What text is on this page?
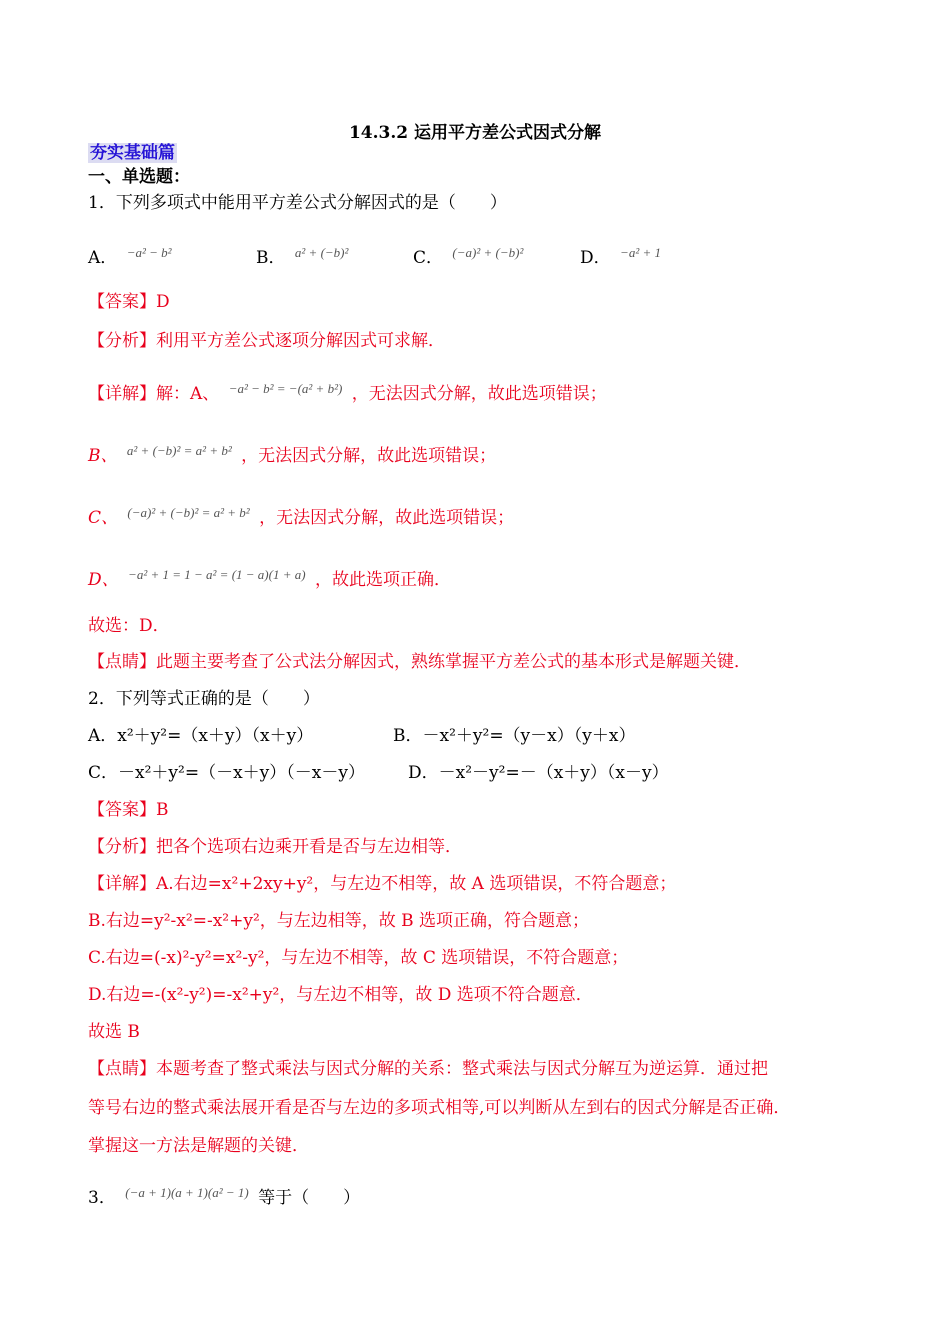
14.3.2 运用平方差公式因式分解
夯实基础篇
一、单选题：
1．下列多项式中能用平方差公式分解因式的是（　　）
A． −a² − b²	B． a² + (−b)²	C． (−a)² + (−b)²	D． −a² + 1
【答案】D
【分析】利用平方差公式逐项分解因式可求解．
【详解】解：A、 −a² − b² = −(a² + b²) ，无法因式分解，故此选项错误；
B、 a² + (−b)² = a² + b² ，无法因式分解，故此选项错误；
C、 (−a)² + (−b)² = a² + b² ，无法因式分解，故此选项错误；
D、 −a² + 1 = 1 − a² = (1 − a)(1 + a) ，故此选项正确．
故选：D．
【点睛】此题主要考查了公式法分解因式，熟练掌握平方差公式的基本形式是解题关键．
2．下列等式正确的是（　　）
A．x²＋y²=（x＋y）（x＋y）	B．－x²＋y²=（y－x）（y＋x）
C．－x²＋y²=（－x＋y）（－x－y）	D．－x²－y²=－（x＋y）（x－y）
【答案】B
【分析】把各个选项右边乘开看是否与左边相等．
【详解】A.右边=x²+2xy+y²，与左边不相等，故 A 选项错误，不符合题意；
B.右边=y²-x²=-x²+y²，与左边相等，故 B 选项正确，符合题意；
C.右边=(-x)²-y²=x²-y²，与左边不相等，故 C 选项错误，不符合题意；
D.右边=-(x²-y²)=-x²+y²，与左边不相等，故 D 选项不符合题意．
故选 B
【点睛】本题考查了整式乘法与因式分解的关系：整式乘法与因式分解互为逆运算．通过把
等号右边的整式乘法展开看是否与左边的多项式相等,可以判断从左到右的因式分解是否正确．
掌握这一方法是解题的关键．
3． (−a + 1)(a + 1)(a² − 1) 等于（　　）
